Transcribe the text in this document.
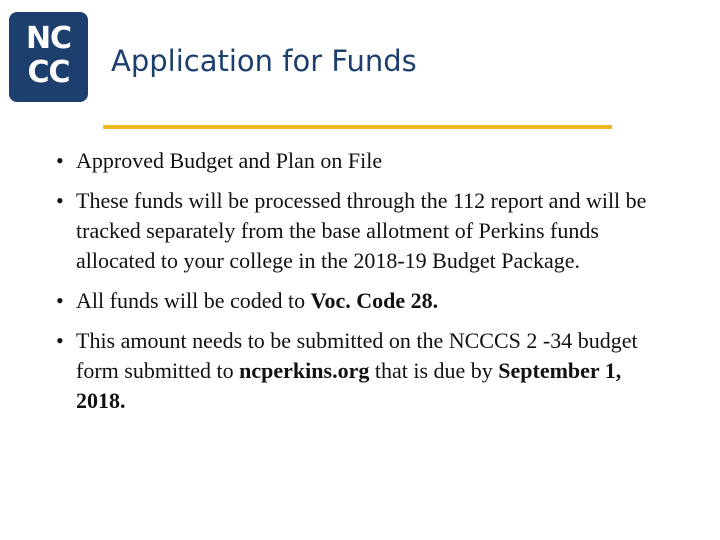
NC
CC	Application for Funds
• Approved Budget and Plan on File
• These funds will be processed through the 112 report and will be tracked separately from the base allotment of Perkins funds allocated to your college in the 2018-19 Budget Package.
• All funds will be coded to Voc. Code 28.
• This amount needs to be submitted on the NCCCS 2 -34 budget form submitted to ncperkins.org that is due by September 1, 2018.
